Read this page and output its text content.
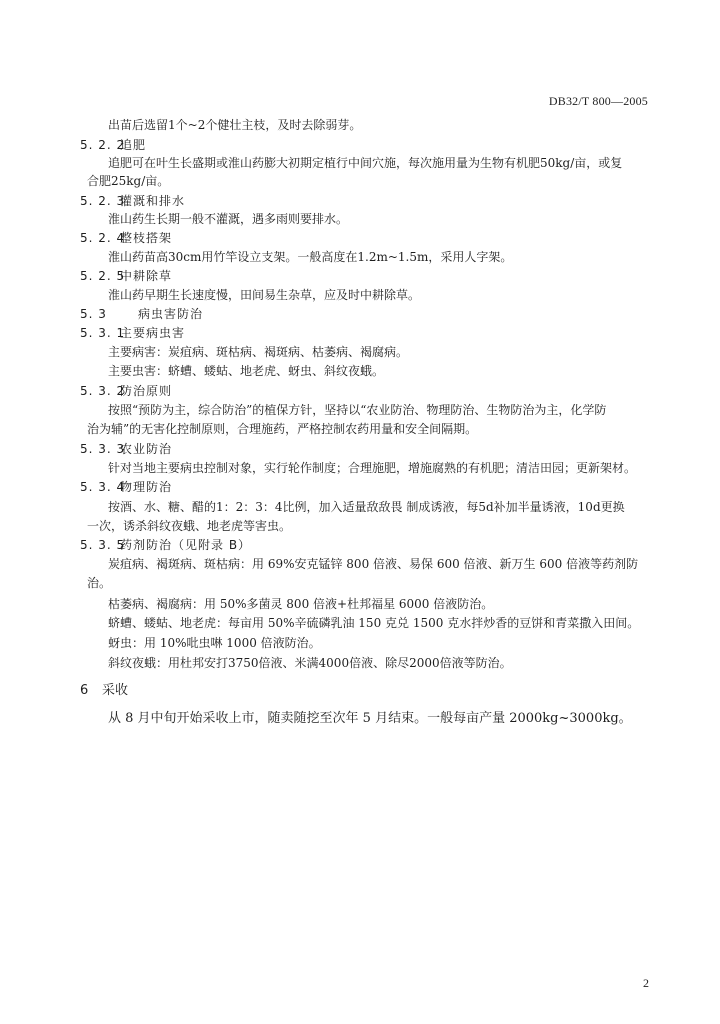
DB32/T 800—2005
出苗后选留1个~2个健壮主枝，及时去除弱芽。
5. 2. 2追肥
追肥可在叶生长盛期或淮山药膨大初期定植行中间穴施，每次施用量为生物有机肥50kg/亩，或复
合肥25kg/亩。
5. 2. 3灌溉和排水
淮山药生长期一般不灌溉，遇多雨则要排水。
5. 2. 4整枝搭架
淮山药苗高30cm用竹竿设立支架。一般高度在1.2m~1.5m，采用人字架。
5. 2. 5中耕除草
淮山药早期生长速度慢，田间易生杂草，应及时中耕除草。
5. 3	病虫害防治
5. 3. 1主要病虫害
主要病害：炭疽病、斑枯病、褐斑病、枯萎病、褐腐病。
主要虫害：蛴螬、蝼蛄、地老虎、蚜虫、斜纹夜蛾。
5. 3. 2防治原则
按照“预防为主，综合防治”的植保方针，坚持以“农业防治、物理防治、生物防治为主，化学防
治为辅”的无害化控制原则，合理施药，严格控制农药用量和安全间隔期。
5. 3. 3农业防治
针对当地主要病虫控制对象，实行轮作制度；合理施肥，增施腐熟的有机肥；清洁田园；更新架材。
5. 3. 4物理防治
按酒、水、糖、醋的1：2：3：4比例，加入适量敌敌畏 制成诱液，每5d补加半量诱液，10d更换
一次，诱杀斜纹夜蛾、地老虎等害虫。
5. 3. 5药剂防治（见附录 B）
炭疽病、褐斑病、斑枯病：用 69%安克锰锌 800 倍液、易保 600 倍液、新万生 600 倍液等药剂防
治。
枯萎病、褐腐病：用 50%多菌灵 800 倍液+杜邦福星 6000 倍液防治。
蛴螬、蝼蛄、地老虎：每亩用 50%辛硫磷乳油 150 克兑 1500 克水拌炒香的豆饼和青菜撒入田间。
蚜虫：用 10%吡虫啉 1000 倍液防治。
斜纹夜蛾：用杜邦安打3750倍液、米满4000倍液、除尽2000倍液等防治。
6 采收
从 8 月中旬开始采收上市，随卖随挖至次年 5 月结束。一般每亩产量 2000kg~3000kg。
2
